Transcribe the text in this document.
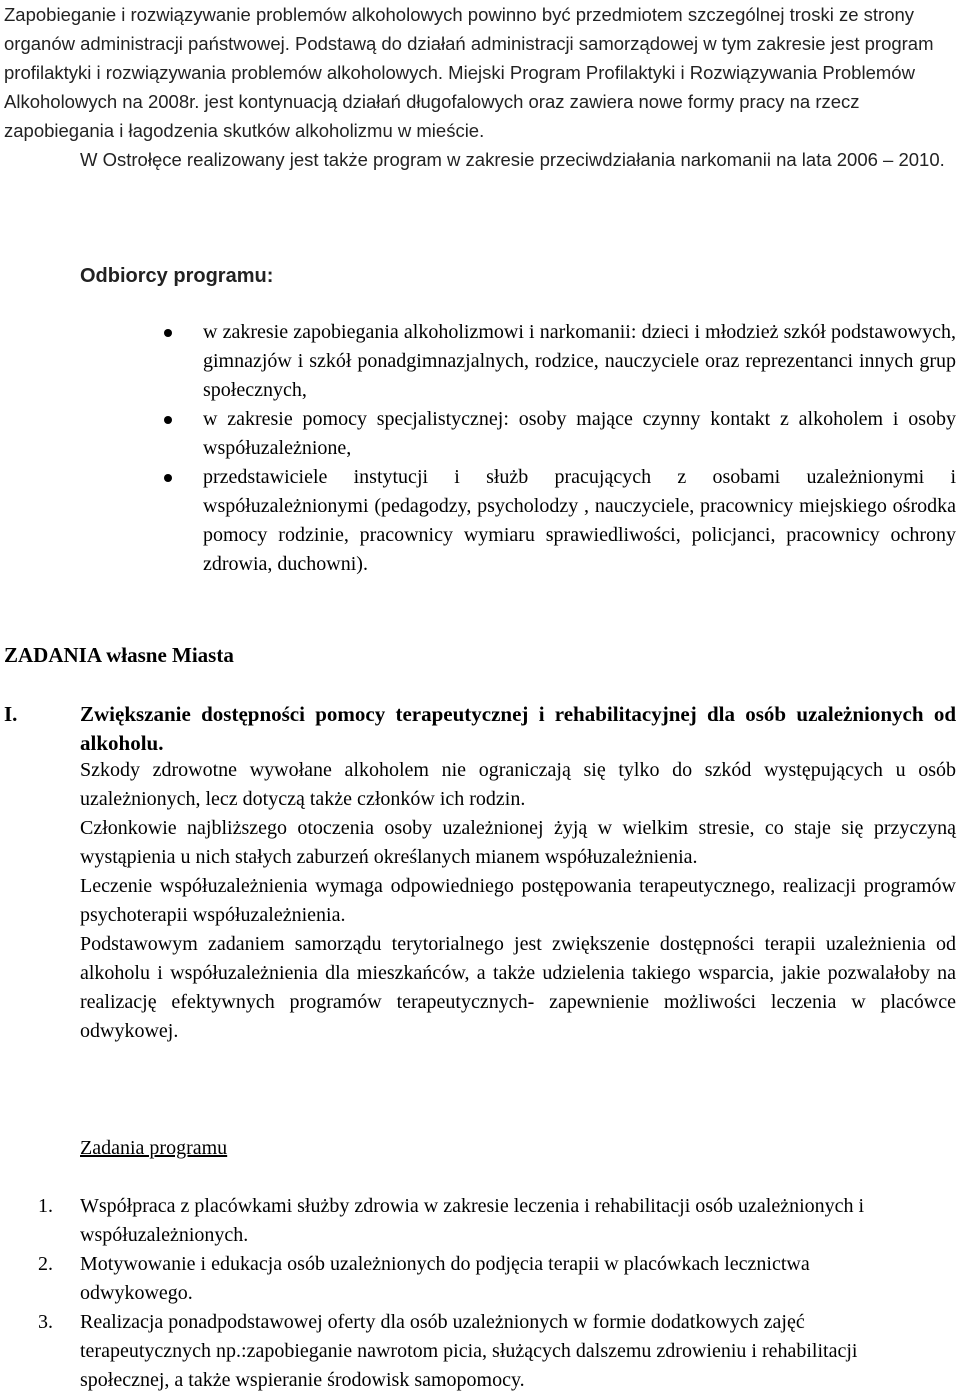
Zapobieganie i rozwiązywanie problemów alkoholowych powinno być przedmiotem szczególnej troski ze strony organów administracji państwowej. Podstawą do działań administracji samorządowej w tym zakresie jest program profilaktyki i rozwiązywania problemów alkoholowych. Miejski Program Profilaktyki i Rozwiązywania Problemów Alkoholowych na 2008r. jest kontynuacją działań długofalowych oraz zawiera nowe formy pracy na rzecz zapobiegania i łagodzenia skutków alkoholizmu w mieście.

W Ostrołęce realizowany jest także program w zakresie przeciwdziałania narkomanii na lata 2006 – 2010.

Odbiorcy programu:
w zakresie zapobiegania alkoholizmowi i narkomanii: dzieci i młodzież szkół podstawowych, gimnazjów i szkół ponadgimnazjalnych, rodzice, nauczyciele oraz reprezentanci innych grup społecznych,
w zakresie pomocy specjalistycznej: osoby mające czynny kontakt z alkoholem i osoby współuzależnione,
przedstawiciele instytucji i służb pracujących z osobami uzależnionymi i współuzależnionymi (pedagodzy, psycholodzy , nauczyciele, pracownicy miejskiego ośrodka pomocy rodzinie, pracownicy wymiaru sprawiedliwości, policjanci, pracownicy ochrony zdrowia, duchowni).
ZADANIA własne Miasta
I.	Zwiększanie dostępności pomocy terapeutycznej i rehabilitacyjnej dla osób uzależnionych od alkoholu.

Szkody zdrowotne wywołane alkoholem nie ograniczają się tylko do szkód występujących u osób uzależnionych, lecz dotyczą także członków ich rodzin.

Członkowie najbliższego otoczenia osoby uzależnionej żyją w wielkim stresie, co staje się przyczyną wystąpienia u nich stałych zaburzeń określanych mianem współuzależnienia.

Leczenie współuzależnienia wymaga odpowiedniego postępowania terapeutycznego, realizacji programów psychoterapii współuzależnienia.

Podstawowym zadaniem samorządu terytorialnego jest zwiększenie dostępności terapii uzależnienia od alkoholu i współuzależnienia dla mieszkańców, a także udzielenia takiego wsparcia, jakie pozwalałoby na realizację efektywnych programów terapeutycznych- zapewnienie możliwości leczenia w placówce odwykowej.

Zadania programu
1. Współpraca z placówkami służby zdrowia w zakresie leczenia i rehabilitacji osób uzależnionych i współuzależnionych.
2. Motywowanie i edukacja osób uzależnionych do podjęcia terapii w placówkach lecznictwa odwykowego.
3. Realizacja ponadpodstawowej oferty dla osób uzależnionych w formie dodatkowych zajęć terapeutycznych np.:zapobieganie nawrotom picia, służących dalszemu zdrowieniu i rehabilitacji społecznej, a także wspieranie środowisk samopomocy.
